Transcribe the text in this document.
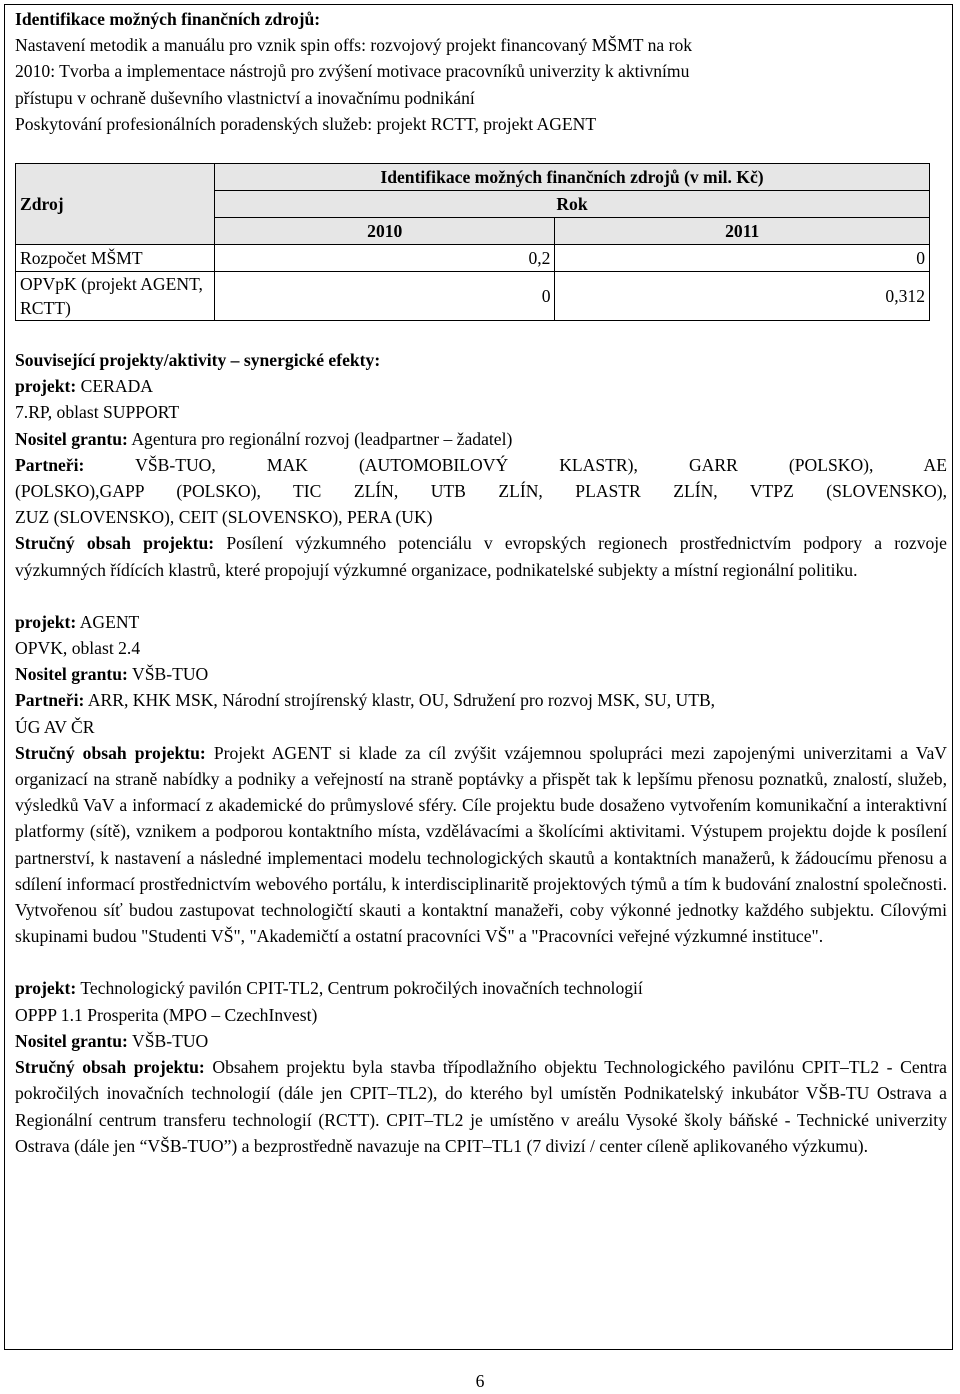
Identifikace možných finančních zdrojů:

Nastavení metodik a manuálu pro vznik spin offs: rozvojový projekt financovaný MŠMT na rok

2010: Tvorba a implementace nástrojů pro zvýšení motivace pracovníků univerzity k aktivnímu

přístupu v ochraně duševního vlastnictví a inovačnímu podnikání

Poskytování profesionálních poradenských služeb: projekt RCTT, projekt AGENT

Zdroj	Identifikace možných finančních zdrojů (v mil. Kč)	
	Rok	
	2010	2011
Rozpočet MŠMT	0,2	0
OPVpK (projekt AGENT, RCTT)	0	0,312

Související projekty/aktivity – synergické efekty:

projekt: CERADA

7.RP, oblast SUPPORT

Nositel grantu: Agentura pro regionální rozvoj (leadpartner – žadatel)

Partneři:	VŠB-TUO, MAK (AUTOMOBILOVÝ KLASTR), GARR (POLSKO), AE

(POLSKO),GAPP (POLSKO), TIC ZLÍN, UTB ZLÍN, PLASTR ZLÍN, VTPZ (SLOVENSKO),

ZUZ (SLOVENSKO), CEIT (SLOVENSKO), PERA (UK)

Stručný obsah projektu: Posílení výzkumného potenciálu v evropských regionech prostřednictvím podpory a rozvoje výzkumných řídících klastrů, které propojují výzkumné organizace, podnikatelské subjekty a místní regionální politiku.

projekt: AGENT

OPVK, oblast 2.4

Nositel grantu: VŠB-TUO

Partneři: ARR, KHK MSK, Národní strojírenský klastr, OU, Sdružení pro rozvoj MSK, SU, UTB,

ÚG AV ČR

Stručný obsah projektu: Projekt AGENT si klade za cíl zvýšit vzájemnou spolupráci mezi zapojenými univerzitami a VaV organizací na straně nabídky a podniky a veřejností na straně poptávky a přispět tak k lepšímu přenosu poznatků, znalostí, služeb, výsledků VaV a informací z akademické do průmyslové sféry. Cíle projektu bude dosaženo vytvořením komunikační a interaktivní platformy (sítě), vznikem a podporou kontaktního místa, vzdělávacími a školícími aktivitami. Výstupem projektu dojde k posílení partnerství, k nastavení a následné implementaci modelu technologických skautů a kontaktních manažerů, k žádoucímu přenosu a sdílení informací prostřednictvím webového portálu, k interdisciplinaritě projektových týmů a tím k budování znalostní společnosti. Vytvořenou síť budou zastupovat technologičtí skauti a kontaktní manažeři, coby výkonné jednotky každého subjektu. Cílovými skupinami budou "Studenti VŠ", "Akademičtí a ostatní pracovníci VŠ" a "Pracovníci veřejné výzkumné instituce".

projekt: Technologický pavilón CPIT-TL2, Centrum pokročilých inovačních technologií

OPPP 1.1 Prosperita (MPO – CzechInvest)

Nositel grantu: VŠB-TUO

Stručný obsah projektu: Obsahem projektu byla stavba třípodlažního objektu Technologického pavilónu CPIT–TL2 - Centra pokročilých inovačních technologií (dále jen CPIT–TL2), do kterého byl umístěn Podnikatelský inkubátor VŠB-TU Ostrava a Regionální centrum transferu technologií (RCTT). CPIT–TL2 je umístěno v areálu Vysoké školy báňské - Technické univerzity Ostrava (dále jen “VŠB-TUO”) a bezprostředně navazuje na CPIT–TL1 (7 divizí / center cíleně aplikovaného výzkumu).

6
